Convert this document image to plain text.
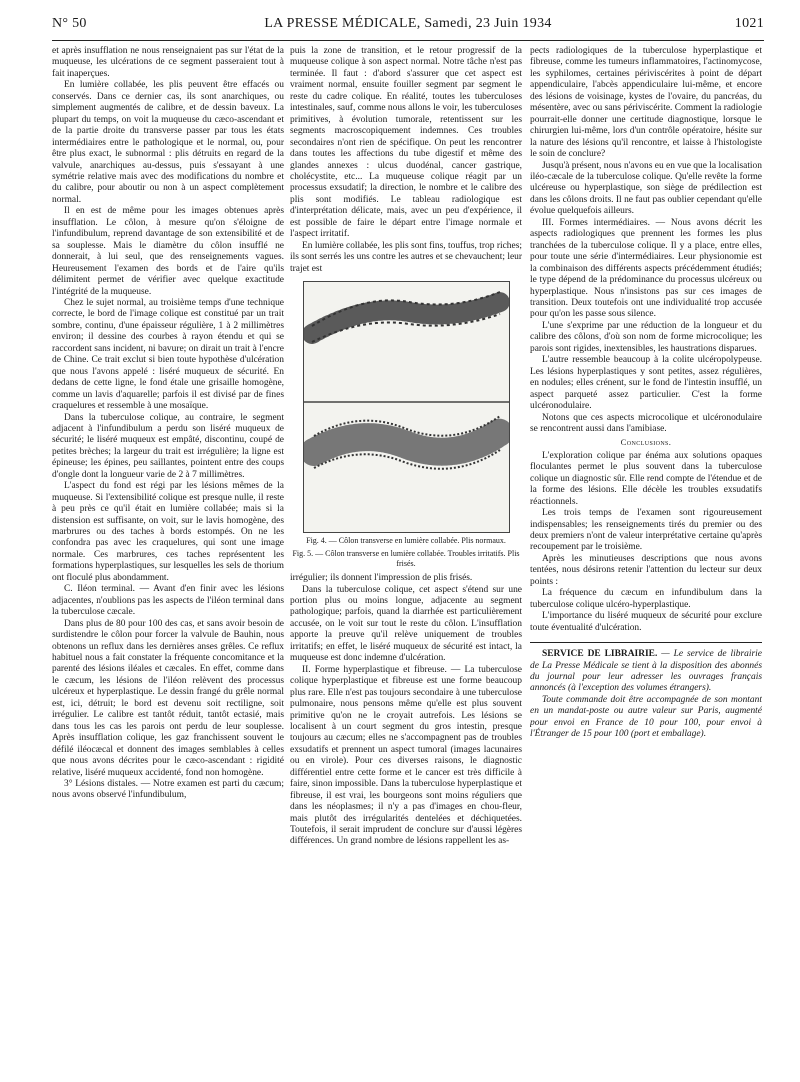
N° 50	LA PRESSE MÉDICALE, Samedi, 23 Juin 1934	1021

et après insufflation ne nous renseignaient pas sur l'état de la muqueuse, les ulcérations de ce segment passeraient tout à fait inaperçues.

En lumière collabée, les plis peuvent être effacés ou conservés. Dans ce dernier cas, ils sont anarchiques, ou simplement augmentés de calibre, et de dessin baveux. La plupart du temps, on voit la muqueuse du cæco-ascendant et de la partie droite du transverse passer par tous les états intermédiaires entre le pathologique et le normal, ou, pour être plus exact, le subnormal : plis détruits en regard de la valvule, anarchiques au-dessus, puis s'essayant à une symétrie relative mais avec des modifications du nombre et du calibre, pour aboutir ou non à un aspect complètement normal.

Il en est de même pour les images obtenues après insufflation. Le côlon, à mesure qu'on s'éloigne de l'infundibulum, reprend davantage de son extensibilité et de sa souplesse. Mais le diamètre du côlon insufflé ne donnerait, à lui seul, que des renseignements vagues. Heureusement l'examen des bords et de l'aire qu'ils délimitent permet de vérifier avec quelque exactitude l'intégrité de la muqueuse.

Chez le sujet normal, au troisième temps d'une technique correcte, le bord de l'image colique est constitué par un trait sombre, continu, d'une épaisseur régulière, 1 à 2 millimètres environ; il dessine des courbes à rayon étendu et qui se raccordent sans incident, ni bavure; on dirait un trait à l'encre de Chine. Ce trait exclut si bien toute hypothèse d'ulcération que nous l'avons appelé : liséré muqueux de sécurité. En dedans de cette ligne, le fond étale une grisaille homogène, comme un lavis d'aquarelle; parfois il est divisé par de fines craquelures et ressemble à une mosaïque.

Dans la tuberculose colique, au contraire, le segment adjacent à l'infundibulum a perdu son liséré muqueux de sécurité; le liséré muqueux est empâté, discontinu, coupé de petites brèches; la largeur du trait est irrégulière; la ligne est épineuse; les épines, peu saillantes, pointent entre des coups d'ongle dont la longueur varie de 2 à 7 millimètres.

L'aspect du fond est régi par les lésions mêmes de la muqueuse. Si l'extensibilité colique est presque nulle, il reste à peu près ce qu'il était en lumière collabée; mais si la distension est suffisante, on voit, sur le lavis homogène, des marbrures ou des taches à bords estompés. On ne les confondra pas avec les craquelures, qui sont une image normale. Ces marbrures, ces taches représentent les formations hyperplastiques, sur lesquelles les sels de thorium ont floculé plus abondamment.

C. Iléon terminal. — Avant d'en finir avec les lésions adjacentes, n'oublions pas les aspects de l'iléon terminal dans la tuberculose cæcale.

Dans plus de 80 pour 100 des cas, et sans avoir besoin de surdistendre le côlon pour forcer la valvule de Bauhin, nous obtenons un reflux dans les dernières anses grêles. Ce reflux habituel nous a fait constater la fréquente concomitance et la parenté des lésions iléales et cæcales. En effet, comme dans le cæcum, les lésions de l'iléon relèvent des processus ulcéreux et hyperplastique. Le dessin frangé du grêle normal est, ici, détruit; le bord est devenu soit rectiligne, soit irrégulier. Le calibre est tantôt réduit, tantôt ectasié, mais dans tous les cas les parois ont perdu de leur souplesse. Après insufflation colique, les gaz franchissent souvent le défilé iléocæcal et donnent des images semblables à celles que nous avons décrites pour le cæco-ascendant : rigidité relative, liséré muqueux accidenté, fond non homogène.

3° Lésions distales. — Notre examen est parti du cæcum; nous avons observé l'infundibulum,

puis la zone de transition, et le retour progressif de la muqueuse colique à son aspect normal. Notre tâche n'est pas terminée. Il faut : d'abord s'assurer que cet aspect est vraiment normal, ensuite fouiller segment par segment le reste du cadre colique. En réalité, toutes les tuberculoses intestinales, sauf, comme nous allons le voir, les tuberculoses primitives, à évolution tumorale, retentissent sur les segments macroscopiquement indemnes. Ces troubles secondaires n'ont rien de spécifique. On peut les rencontrer dans toutes les affections du tube digestif et même des glandes annexes : ulcus duodénal, cancer gastrique, cholécystite, etc... La muqueuse colique réagit par un processus exsudatif; la direction, le nombre et le calibre des plis sont modifiés. Le tableau radiologique est d'interprétation délicate, mais, avec un peu d'expérience, il est possible de faire le départ entre l'image normale et l'aspect irritatif.

En lumière collabée, les plis sont fins, touffus, trop riches; ils sont serrés les uns contre les autres et se chevauchent; leur trajet est

Fig. 4. — Côlon transverse en lumière collabée. Plis normaux.
Fig. 5. — Côlon transverse en lumière collabée. Troubles irritatifs. Plis frisés.

irrégulier; ils donnent l'impression de plis frisés.

Dans la tuberculose colique, cet aspect s'étend sur une portion plus ou moins longue, adjacente au segment pathologique; parfois, quand la diarrhée est particulièrement accusée, on le voit sur tout le reste du côlon. L'insufflation apporte la preuve qu'il relève uniquement de troubles irritatifs; en effet, le liséré muqueux de sécurité est intact, la muqueuse est donc indemne d'ulcération.

II. Forme hyperplastique et fibreuse. — La tuberculose colique hyperplastique et fibreuse est une forme beaucoup plus rare. Elle n'est pas toujours secondaire à une tuberculose pulmonaire, nous pensons même qu'elle est plus souvent primitive qu'on ne le croyait autrefois. Les lésions se localisent à un court segment du gros intestin, presque toujours au cæcum; elles ne s'accompagnent pas de troubles exsudatifs et prennent un aspect tumoral (images lacunaires ou en virole). Pour ces diverses raisons, le diagnostic différentiel entre cette forme et le cancer est très difficile à faire, sinon impossible. Dans la tuberculose hyperplastique et fibreuse, il est vrai, les bourgeons sont moins réguliers que dans les néoplasmes; il n'y a pas d'images en chou-fleur, mais plutôt des irrégularités dentelées et déchiquetées. Toutefois, il serait imprudent de conclure sur d'aussi légères différences. Un grand nombre de lésions rappellent les as-

pects radiologiques de la tuberculose hyperplastique et fibreuse, comme les tumeurs inflammatoires, l'actinomycose, les syphilomes, certaines périviscérites à point de départ appendiculaire, l'abcès appendiculaire lui-même, et encore des lésions de voisinage, kystes de l'ovaire, du pancréas, du mésentère, avec ou sans périviscérite. Comment la radiologie pourrait-elle donner une certitude diagnostique, lorsque le chirurgien lui-même, lors d'un contrôle opératoire, hésite sur la nature des lésions qu'il rencontre, et laisse à l'histologiste le soin de conclure?

Jusqu'à présent, nous n'avons eu en vue que la localisation iléo-cæcale de la tuberculose colique. Qu'elle revête la forme ulcéreuse ou hyperplastique, son siège de prédilection est dans les côlons droits. Il ne faut pas oublier cependant qu'elle évolue quelquefois ailleurs.

III. Formes intermédiaires. — Nous avons décrit les aspects radiologiques que prennent les formes les plus tranchées de la tuberculose colique. Il y a place, entre elles, pour toute une série d'intermédiaires. Leur physionomie est la combinaison des différents aspects précédemment étudiés; le type dépend de la prédominance du processus ulcéreux ou hyperplastique. Nous n'insistons pas sur ces images de transition. Deux toutefois ont une individualité trop accusée pour qu'on les passe sous silence.

L'une s'exprime par une réduction de la longueur et du calibre des côlons, d'où son nom de forme microcolique; les parois sont rigides, inextensibles, les haustrations disparues.

L'autre ressemble beaucoup à la colite ulcéropolypeuse. Les lésions hyperplastiques y sont petites, assez régulières, en nodules; elles crénent, sur le fond de l'intestin insufflé, un aspect parqueté assez particulier. C'est la forme ulcéronodulaire.

Notons que ces aspects microcolique et ulcéronodulaire se rencontrent aussi dans l'amibiase.

Conclusions.

L'exploration colique par énéma aux solutions opaques floculantes permet le plus souvent dans la tuberculose colique un diagnostic sûr. Elle rend compte de l'étendue et de la forme des lésions. Elle décèle les troubles exsudatifs réactionnels.

Les trois temps de l'examen sont rigoureusement indispensables; les renseignements tirés du premier ou des deux premiers n'ont de valeur interprétative certaine qu'après recoupement par le troisième.

Après les minutieuses descriptions que nous avons tentées, nous désirons retenir l'attention du lecteur sur deux points :

La fréquence du cæcum en infundibulum dans la tuberculose colique ulcéro-hyperplastique.

L'importance du liséré muqueux de sécurité pour exclure toute éventualité d'ulcération.

SERVICE DE LIBRAIRIE. — Le service de librairie de La Presse Médicale se tient à la disposition des abonnés du journal pour leur adresser les ouvrages français annoncés (à l'exception des volumes étrangers).

Toute commande doit être accompagnée de son montant en un mandat-poste ou autre valeur sur Paris, augmenté pour envoi en France de 10 pour 100, pour envoi à l'Étranger de 15 pour 100 (port et emballage).
